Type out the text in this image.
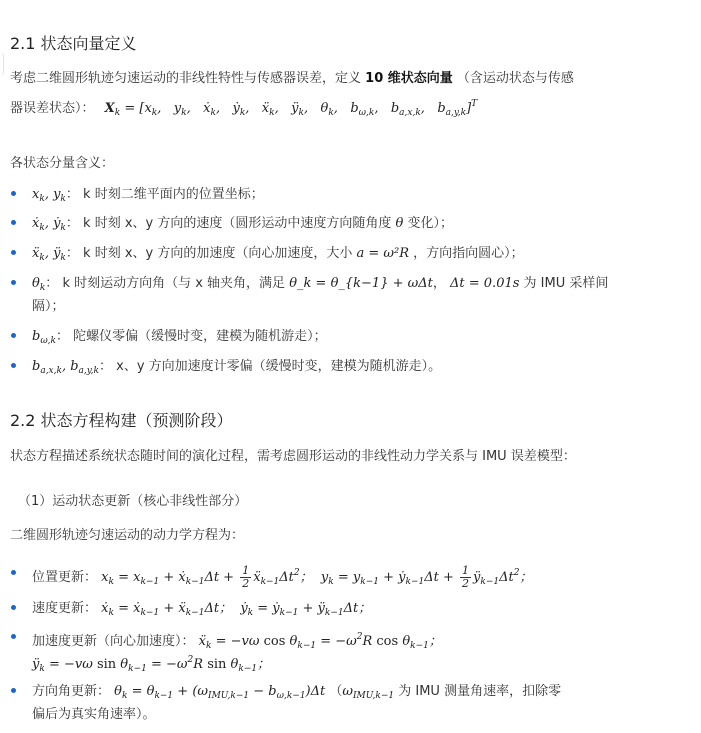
2.1 状态向量定义
考虑二维圆形轨迹匀速运动的非线性特性与传感器误差，定义 10 维状态向量 （含运动状态与传感
器误差状态）： $X_k = [x_k$,   $y_k$,   ẋ$_k$,   ẏ$_k$,   ẍ$_k$,   $ÿ_k$,   $\theta_k$,   $b_{\omega,k}$,   $b_{a,x,k}$,   $b_{a,y,k}]^T$
各状态分量含义：
$x_k$, $y_k$： k 时刻二维平面内的位置坐标；
ẋ$_k$, ẏ$_k$： k 时刻 x、y 方向的速度（圆形运动中速度方向随角度 θ 变化）；
ẍ$_k$, $ÿ_k$： k 时刻 x、y 方向的加速度（向心加速度，大小 a = ω²R ，方向指向圆心）；
$\theta_k$： k 时刻运动方向角（与 x 轴夹角，满足 θ_k = θ_{k−1} + ωΔt， Δt = 0.01s 为 IMU 采样间
隔）；
$b_{\omega,k}$： 陀螺仪零偏（缓慢时变，建模为随机游走）；
$b_{a,x,k}$, $b_{a,y,k}$： x、y 方向加速度计零偏（缓慢时变，建模为随机游走）。
2.2 状态方程构建（预测阶段）
状态方程描述系统状态随时间的演化过程，需考虑圆形运动的非线性动力学关系与 IMU 误差模型：
（1）运动状态更新（核心非线性部分）
二维圆形轨迹匀速运动的动力学方程为：
位置更新： $x_k = x_{k-1}$ + ẋ$_{k-1}$Δt + $\frac{1}{2}$ $ẍ_{k-1}\Delta t^2$；  $y_k = y_{k-1}$ + ẏ$_{k-1}$Δt + $\frac{1}{2}$ $ÿ_{k-1}\Delta t^2$；
速度更新： ẋ$_k$ = ẋ$_{k-1}$ + ẍ$_{k-1}$Δt；  ẏ$_k$ = ẏ$_{k-1}$ + $ÿ_{k-1}\Delta t$；
加速度更新（向心加速度）： ẍ$_k$ = −vω $\cos \theta_{k-1} = -\omega^2R$ $\cos \theta_{k-1}$；
$ÿ_k = -v\omega$ $\sin \theta_{k-1} = -\omega^2R$ $\sin \theta_{k-1}$；
方向角更新： $\theta_k = \theta_{k-1} + (\omega_{IMU,k-1} - b_{\omega,k-1})\Delta t$ （$\omega_{IMU,k-1}$ 为 IMU 测量角速率，扣除零
偏后为真实角速率）。
